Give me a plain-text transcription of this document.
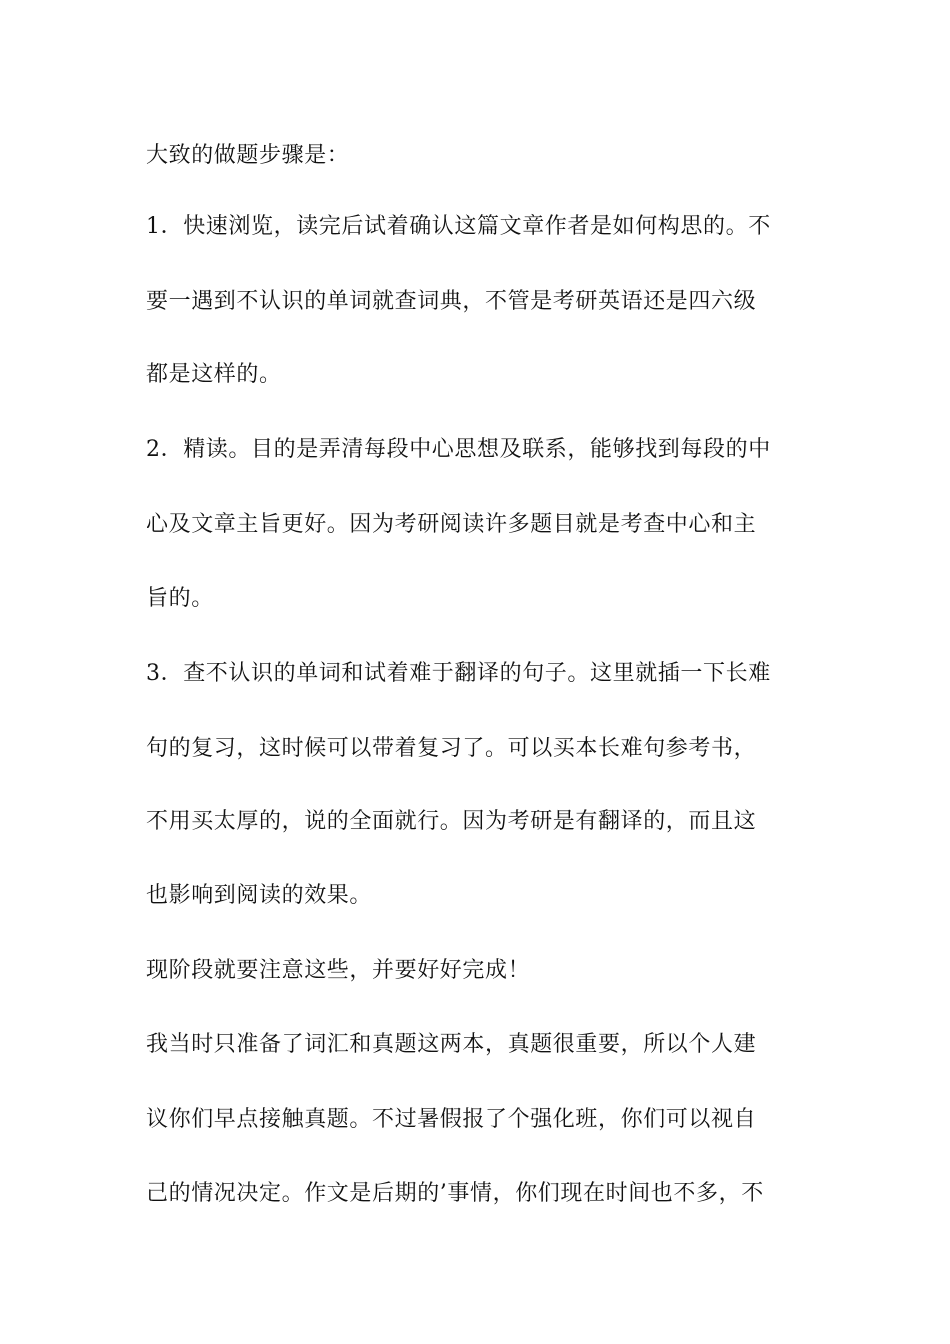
大致的做题步骤是：
1．快速浏览，读完后试着确认这篇文章作者是如何构思的。不
要一遇到不认识的单词就查词典，不管是考研英语还是四六级
都是这样的。
2．精读。目的是弄清每段中心思想及联系，能够找到每段的中
心及文章主旨更好。因为考研阅读许多题目就是考查中心和主
旨的。
3．查不认识的单词和试着难于翻译的句子。这里就插一下长难
句的复习，这时候可以带着复习了。可以买本长难句参考书，
不用买太厚的，说的全面就行。因为考研是有翻译的，而且这
也影响到阅读的效果。
现阶段就要注意这些，并要好好完成！
我当时只准备了词汇和真题这两本，真题很重要，所以个人建
议你们早点接触真题。不过暑假报了个强化班，你们可以视自
己的情况决定。作文是后期的’事情，你们现在时间也不多，不
